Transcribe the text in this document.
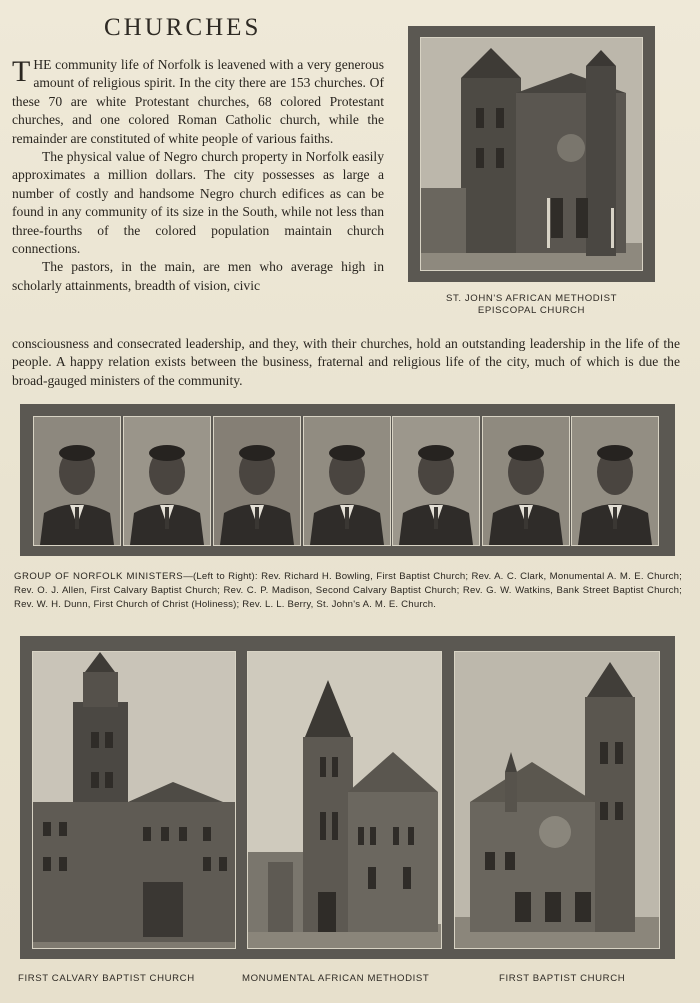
CHURCHES

THE community life of Norfolk is leavened with a very generous amount of religious spirit. In the city there are 153 churches. Of these 70 are white Protestant churches, 68 colored Protestant churches, and one colored Roman Catholic church, while the remainder are constituted of white people of various faiths.

The physical value of Negro church property in Norfolk easily approximates a million dollars. The city possesses as large a number of costly and handsome Negro church edifices as can be found in any community of its size in the South, while not less than three-fourths of the colored population maintain church connections.

The pastors, in the main, are men who average high in scholarly attainments, breadth of vision, civic

consciousness and consecrated leadership, and they, with their churches, hold an outstanding leadership in the life of the people. A happy relation exists between the business, fraternal and religious life of the city, much of which is due the broad-gauged ministers of the community.
ST. JOHN'S AFRICAN METHODIST
EPISCOPAL CHURCH
GROUP OF NORFOLK MINISTERS—(Left to Right): Rev. Richard H. Bowling, First Baptist Church; Rev. A. C. Clark, Monumental A. M. E. Church; Rev. O. J. Allen, First Calvary Baptist Church; Rev. C. P. Madison, Second Calvary Baptist Church; Rev. G. W. Watkins, Bank Street Baptist Church; Rev. W. H. Dunn, First Church of Christ (Holiness); Rev. L. L. Berry, St. John's A. M. E. Church.
FIRST CALVARY BAPTIST CHURCH	MONUMENTAL AFRICAN METHODIST	FIRST BAPTIST CHURCH
